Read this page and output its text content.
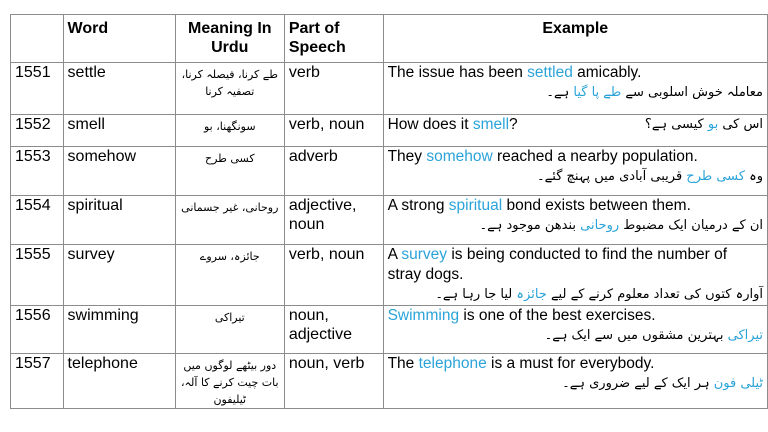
	Word	Meaning In Urdu	Part of Speech	Example
1551	settle	طے کرنا، فیصلہ کرنا، تصفیہ کرنا	verb	The issue has been settled amicably.
معاملہ خوش اسلوبی سے طے پا گیا ہے۔

1552	smell	سونگھنا، بو	verb, noun	اس کی بو کیسی ہے؟
How does it smell?

1553	somehow	کسی طرح	adverb	They somehow reached a nearby population.
وہ کسی طرح قریبی آبادی میں پہنچ گئے۔

1554	spiritual	روحانی، غیر جسمانی	adjective, noun	A strong spiritual bond exists between them.
ان کے درمیان ایک مضبوط روحانی بندھن موجود ہے۔

1555	survey	جائزہ، سروے	verb, noun	A survey is being conducted to find the number of stray dogs.
آوارہ کتوں کی تعداد معلوم کرنے کے لیے جائزہ لیا جا رہا ہے۔

1556	swimming	تیراکی	noun, adjective	Swimming is one of the best exercises.
تیراکی بہترین مشقوں میں سے ایک ہے۔

1557	telephone	دور بیٹھے لوگوں میں بات چیت کرنے کا آلہ، ٹیلیفون	noun, verb	The telephone is a must for everybody.
ٹیلی فون ہر ایک کے لیے ضروری ہے۔
